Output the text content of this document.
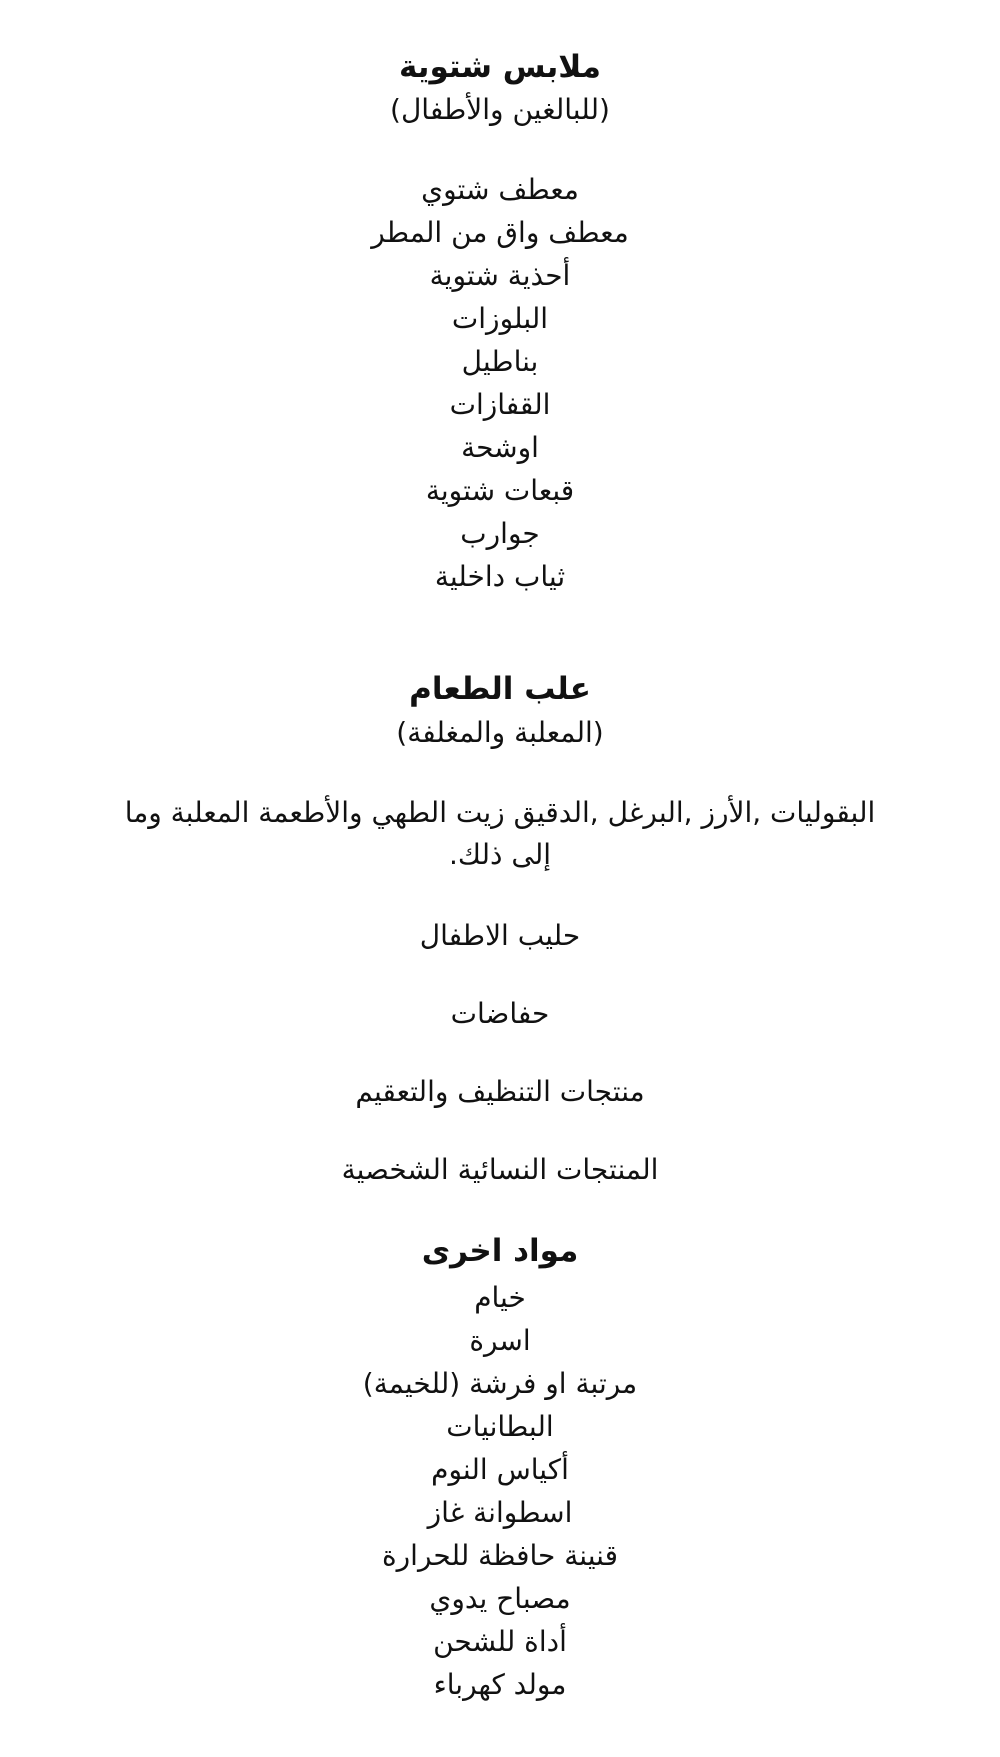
ملابس شتوية
(للبالغين والأطفال)
معطف شتوي
معطف واق من المطر
أحذية شتوية
البلوزات
بناطيل
القفازات
اوشحة
قبعات شتوية
جوارب
ثياب داخلية
علب الطعام
(المعلبة والمغلفة)
البقوليات ,الأرز ,البرغل ,الدقيق زيت الطهي والأطعمة المعلبة وما إلى ذلك.
حليب الاطفال
حفاضات
منتجات التنظيف والتعقيم
المنتجات النسائية الشخصية
مواد اخرى
خيام
اسرة
مرتبة او فرشة (للخيمة)
البطانيات
أكياس النوم
اسطوانة غاز
قنينة حافظة للحرارة
مصباح يدوي
أداة للشحن
مولد كهرباء
